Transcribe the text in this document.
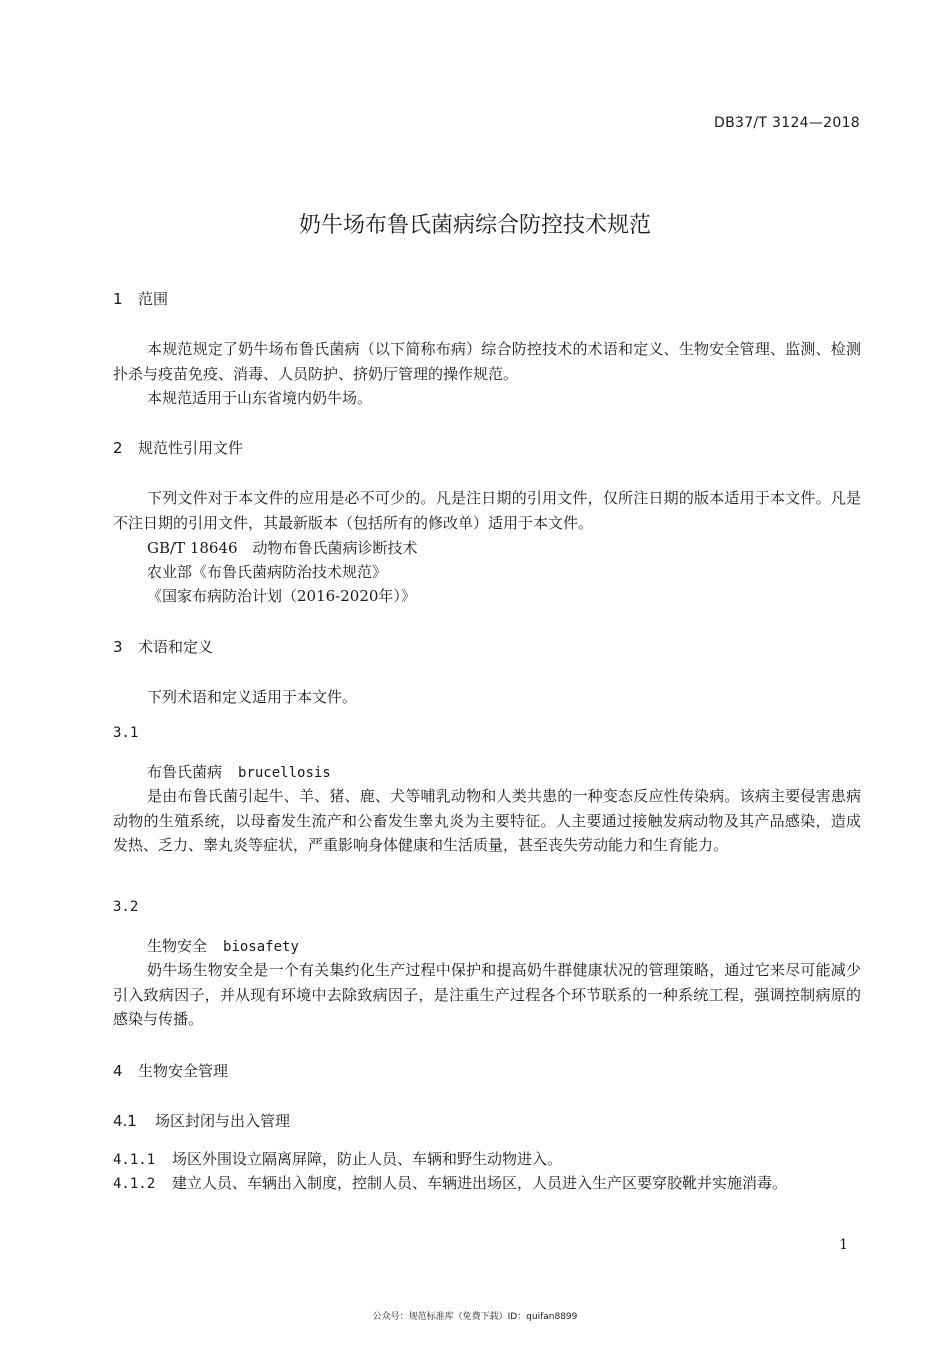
DB37/T 3124—2018
奶牛场布鲁氏菌病综合防控技术规范
1 范围

本规范规定了奶牛场布鲁氏菌病（以下简称布病）综合防控技术的术语和定义、生物安全管理、监测、检测扑杀与疫苗免疫、消毒、人员防护、挤奶厅管理的操作规范。

本规范适用于山东省境内奶牛场。

2 规范性引用文件

下列文件对于本文件的应用是必不可少的。凡是注日期的引用文件，仅所注日期的版本适用于本文件。凡是不注日期的引用文件，其最新版本（包括所有的修改单）适用于本文件。

GB/T 18646　动物布鲁氏菌病诊断技术
农业部《布鲁氏菌病防治技术规范》
《国家布病防治计划（2016-2020年）》
3 术语和定义
下列术语和定义适用于本文件。
3.1
布鲁氏菌病 brucellosis

是由布鲁氏菌引起牛、羊、猪、鹿、犬等哺乳动物和人类共患的一种变态反应性传染病。该病主要侵害患病动物的生殖系统，以母畜发生流产和公畜发生睾丸炎为主要特征。人主要通过接触发病动物及其产品感染，造成发热、乏力、睾丸炎等症状，严重影响身体健康和生活质量，甚至丧失劳动能力和生育能力。

3.2
生物安全 biosafety

奶牛场生物安全是一个有关集约化生产过程中保护和提高奶牛群健康状况的管理策略，通过它来尽可能减少引入致病因子，并从现有环境中去除致病因子，是注重生产过程各个环节联系的一种系统工程，强调控制病原的感染与传播。

4 生物安全管理
4.1 场区封闭与出入管理
4.1.1 场区外围设立隔离屏障，防止人员、车辆和野生动物进入。
4.1.2 建立人员、车辆出入制度，控制人员、车辆进出场区，人员进入生产区要穿胶靴并实施消毒。
1
公众号：规范标准库（免费下载）ID：quifan8899
